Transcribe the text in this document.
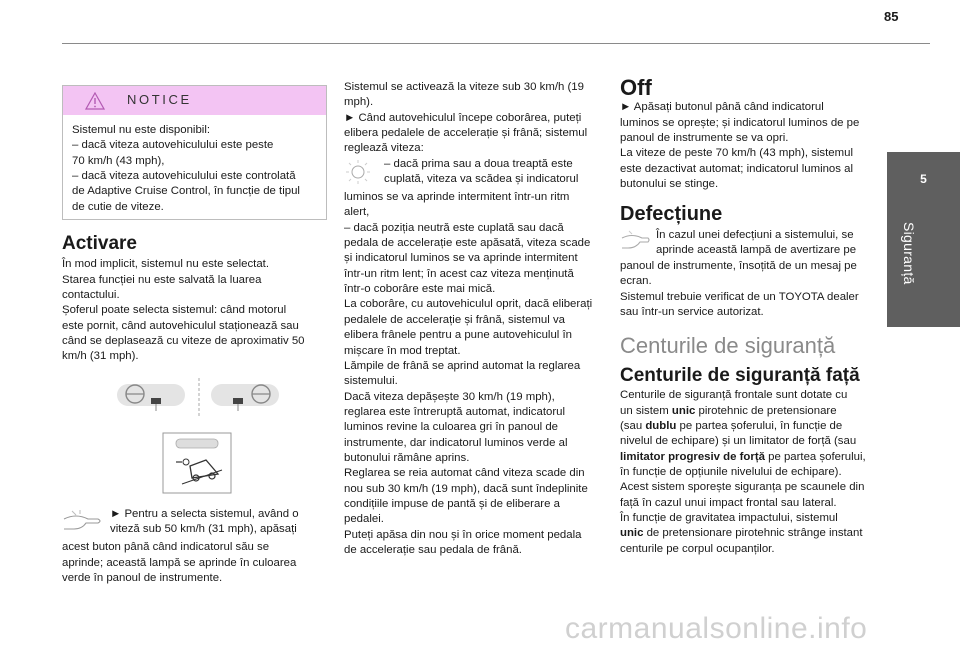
85
5
Siguranță
NOTICE

Sistemul nu este disponibil:

– dacă viteza autovehiculului este peste

70 km/h (43 mph),

– dacă viteza autovehiculului este controlată

de Adaptive Cruise Control, în funcție de tipul

de cutie de viteze.

Activare

În mod implicit, sistemul nu este selectat.

Starea funcției nu este salvată la luarea

contactului.

Șoferul poate selecta sistemul: când motorul

este pornit, când autovehiculul staționează sau

când se deplasează cu viteze de aproximativ 50

km/h (31 mph).

► Pentru a selecta sistemul, având o

viteză sub 50 km/h (31 mph), apăsați

acest buton până când indicatorul său se

aprinde; această lampă se aprinde în culoarea

verde în panoul de instrumente.

Sistemul se activează la viteze sub 30 km/h (19

mph).

► Când autovehiculul începe coborârea, puteți

elibera pedalele de accelerație și frână; sistemul

reglează viteza:

– dacă prima sau a doua treaptă este

cuplată, viteza va scădea și indicatorul

luminos se va aprinde intermitent într-un ritm

alert,

– dacă poziția neutră este cuplată sau dacă

pedala de accelerație este apăsată, viteza scade

și indicatorul luminos se va aprinde intermitent

într-un ritm lent; în acest caz viteza menținută

într-o coborâre este mai mică.

La coborâre, cu autovehiculul oprit, dacă eliberați

pedalele de accelerație și frână, sistemul va

elibera frânele pentru a pune autovehiculul în

mișcare în mod treptat.

Lămpile de frână se aprind automat la reglarea

sistemului.

Dacă viteza depășește 30 km/h (19 mph),

reglarea este întreruptă automat, indicatorul

luminos revine la culoarea gri în panoul de

instrumente, dar indicatorul luminos verde al

butonului rămâne aprins.

Reglarea se reia automat când viteza scade din

nou sub 30 km/h (19 mph), dacă sunt îndeplinite

condițiile impuse de pantă și de eliberare a

pedalei.

Puteți apăsa din nou și în orice moment pedala

de accelerație sau pedala de frână.

Off

► Apăsați butonul până când indicatorul

luminos se oprește; și indicatorul luminos de pe

panoul de instrumente se va opri.

La viteze de peste 70 km/h (43 mph), sistemul

este dezactivat automat; indicatorul luminos al

butonului se stinge.

Defecțiune

În cazul unei defecțiuni a sistemului, se

aprinde această lampă de avertizare pe

panoul de instrumente, însoțită de un mesaj pe

ecran.

Sistemul trebuie verificat de un TOYOTA dealer

sau într-un service autorizat.

Centurile de siguranță
Centurile de siguranță față

Centurile de siguranță frontale sunt dotate cu

un sistem unic pirotehnic de pretensionare

(sau dublu pe partea șoferului, în funcție de

nivelul de echipare) și un limitator de forță (sau

limitator progresiv de forță pe partea șoferului,

în funcție de opțiunile nivelului de echipare).

Acest sistem sporește siguranța pe scaunele din

față în cazul unui impact frontal sau lateral.

În funcție de gravitatea impactului, sistemul

unic de pretensionare pirotehnic strânge instant

centurile pe corpul ocupanților.

carmanualsonline.info
